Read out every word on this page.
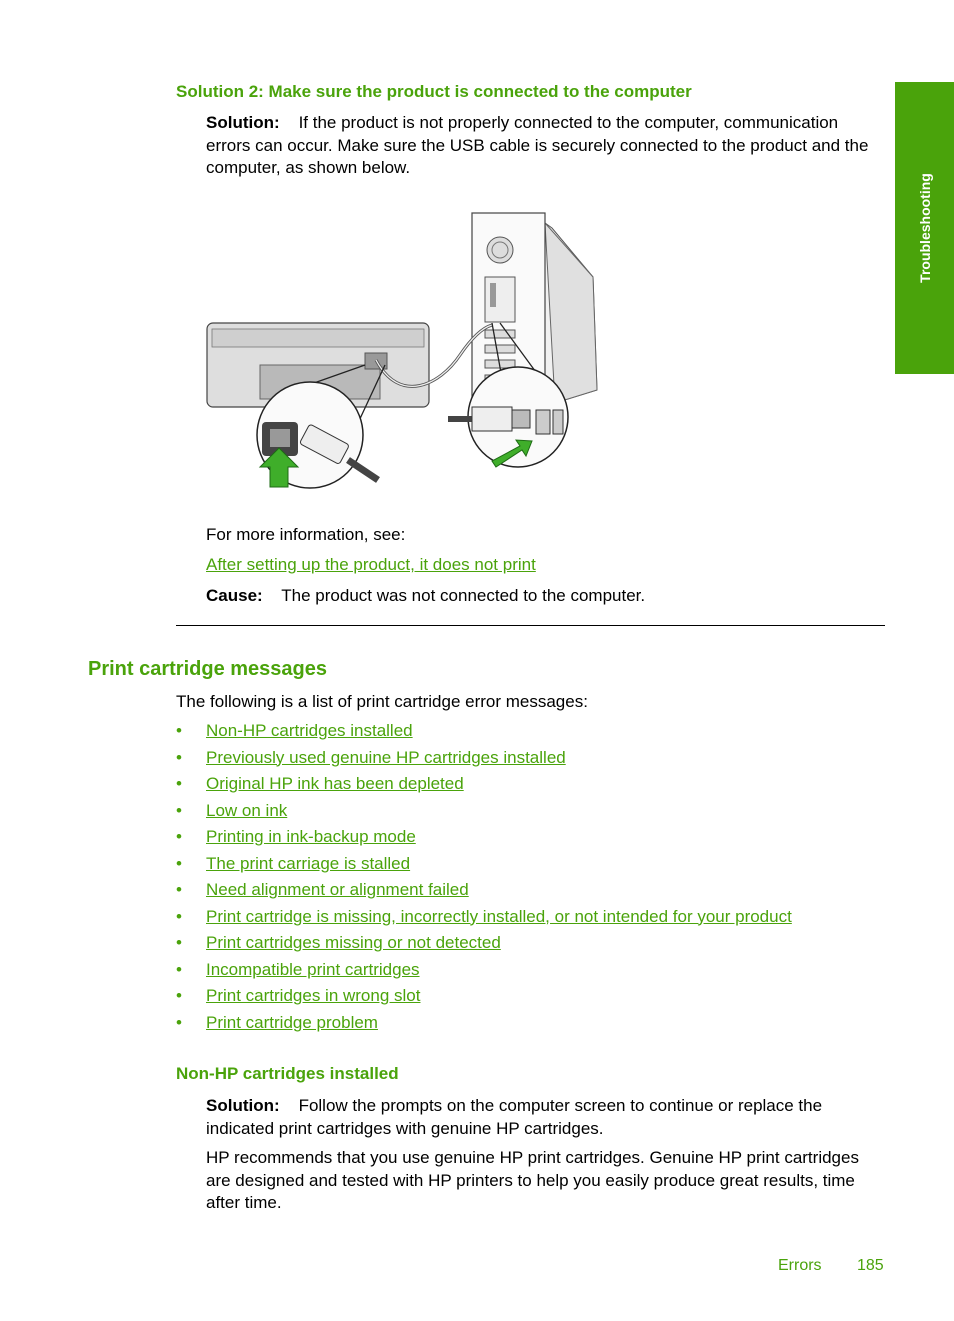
Troubleshooting
Solution 2: Make sure the product is connected to the computer
Solution: If the product is not properly connected to the computer, communication errors can occur. Make sure the USB cable is securely connected to the product and the computer, as shown below.
For more information, see:
After setting up the product, it does not print
Cause: The product was not connected to the computer.
Print cartridge messages
The following is a list of print cartridge error messages:
• Non-HP cartridges installed
• Previously used genuine HP cartridges installed
• Original HP ink has been depleted
• Low on ink
• Printing in ink-backup mode
• The print carriage is stalled
• Need alignment or alignment failed
• Print cartridge is missing, incorrectly installed, or not intended for your product
• Print cartridges missing or not detected
• Incompatible print cartridges
• Print cartridges in wrong slot
• Print cartridge problem
Non-HP cartridges installed
Solution: Follow the prompts on the computer screen to continue or replace the indicated print cartridges with genuine HP cartridges.
HP recommends that you use genuine HP print cartridges. Genuine HP print cartridges are designed and tested with HP printers to help you easily produce great results, time after time.
Errors 185
